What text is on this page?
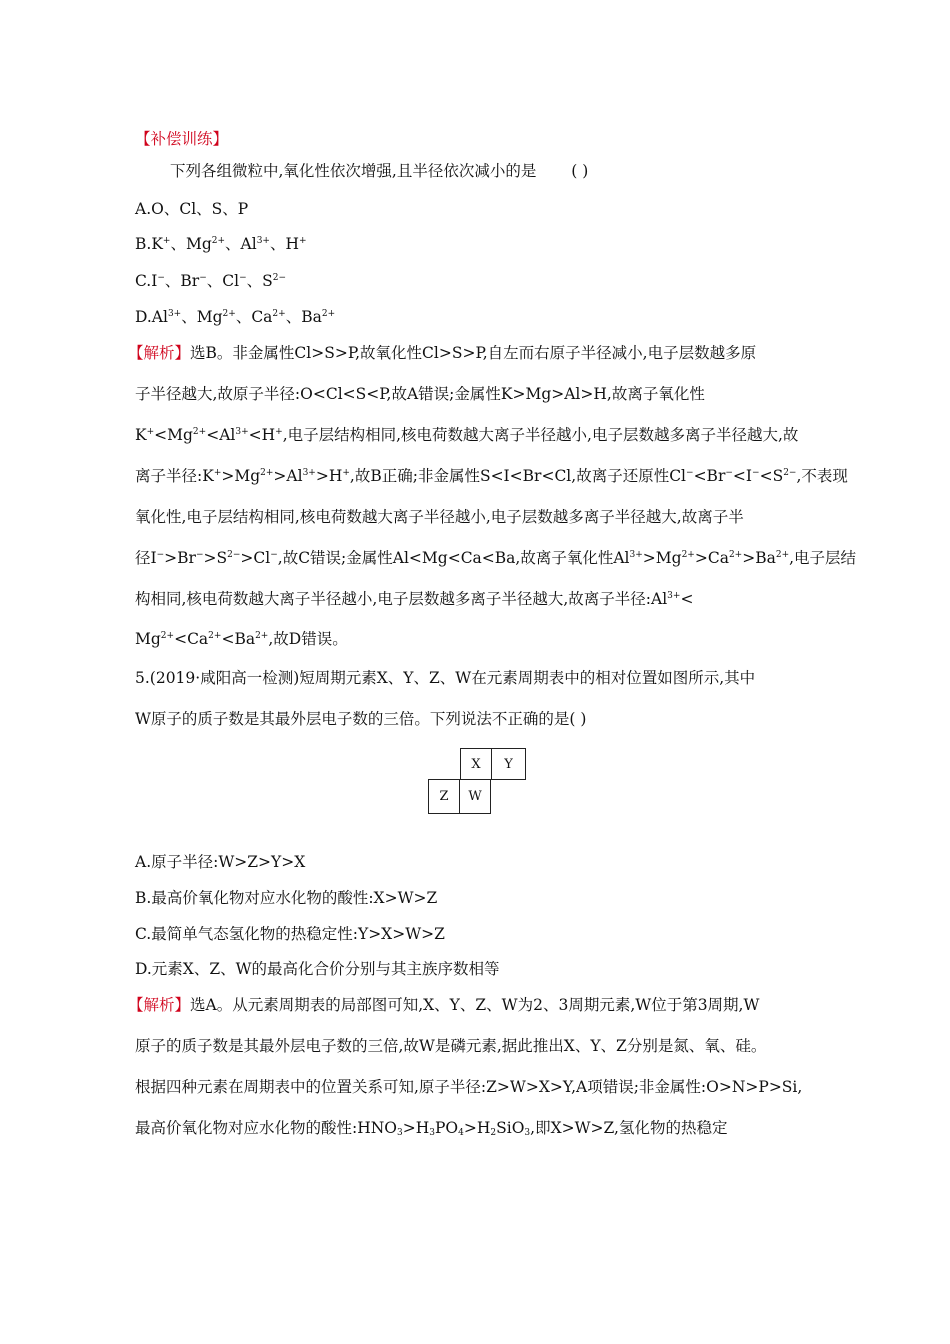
【补偿训练】
下列各组微粒中,氧化性依次增强,且半径依次减小的是 ( )
A.O、Cl、S、P
B.K+、$Mg^{2+}$、$Al^{3+}$、H+
C.I−、Br−、Cl−、$S^{2-}$
$D.Al^{3+}$、$Mg^{2+}$、$Ca^{2+}$、$Ba^{2+}$
【解析】选B。非金属性Cl>S>P,故氧化性Cl>S>P,自左而右原子半径减小,电子层数越多原
子半径越大,故原子半径:O<Cl<S<P,故A错误;金属性K>Mg>Al>H,故离子氧化性
$K^+<Mg^{2+}<Al^{3+}<H^+$,电子层结构相同,核电荷数越大离子半径越小,电子层数越多离子半径越大,故
离子半径$:K^+>Mg^{2+}>Al^{3+}>H^+$,故B正确;非金属性S<I<Br<Cl,故离子还原性$Cl^-<Br^-<I^-<S^{2-}$,不表现
氧化性,电子层结构相同,核电荷数越大离子半径越小,电子层数越多离子半径越大,故离子半
径$I^->Br^->S^{2-}>Cl^-$,故C错误;金属性Al<Mg<Ca<Ba,故离子氧化性$Al^{3+}>Mg^{2+}>Ca^{2+}>Ba^{2+}$,电子层结
构相同,核电荷数越大离子半径越小,电子层数越多离子半径越大,故离子半径$:Al^{3+}<$
$Mg^{2+}<Ca^{2+}<Ba^{2+}$,故D错误。
5.(2019·咸阳高一检测)短周期元素X、Y、Z、W在元素周期表中的相对位置如图所示,其中
W原子的质子数是其最外层电子数的三倍。下列说法不正确的是( )
X	Y
Z	W
A.原子半径:W>Z>Y>X
B.最高价氧化物对应水化物的酸性:X>W>Z
C.最简单气态氢化物的热稳定性:Y>X>W>Z
D.元素X、Z、W的最高化合价分别与其主族序数相等
【解析】选A。从元素周期表的局部图可知,X、Y、Z、W为2、3周期元素,W位于第3周期,W
原子的质子数是其最外层电子数的三倍,故W是磷元素,据此推出X、Y、Z分别是氮、氧、硅。
根据四种元素在周期表中的位置关系可知,原子半径:Z>W>X>Y,A项错误;非金属性:O>N>P>Si,
最高价氧化物对应水化物的酸性$:HNO_3>H_3PO_4>H_2SiO_3$,即X>W>Z,氢化物的热稳定
